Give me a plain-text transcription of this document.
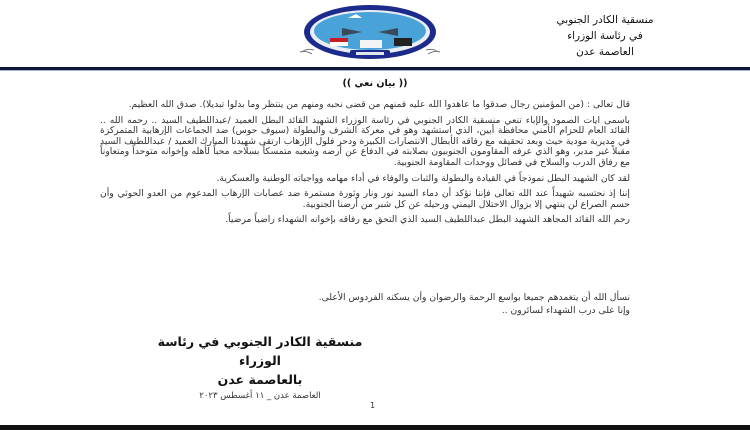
منسقية الكادر الجنوبي
في رئاسة الوزراء
العاصمة عدن
(( بيان نعي ))

قال تعالى : (من المؤمنين رجال صدقوا ما عاهدوا الله عليه فمنهم من قضى نحبه ومنهم من ينتظر وما بدلوا تبديلا). صدق الله العظيم.

باسمى ايات الصمود والإباء تنعي منسقية الكادر الجنوبي في رئاسة الوزراء الشهيد القائد البطل العميد /عبداللطيف السيد .. رحمه الله .. القائد العام للحزام الأمني محافظة أبين، الذي استشهد وهو في معركة الشرف والبطولة (سيوف حوس) ضد الجماعات الإرهابية المتمركزة في مديرية مودية حيث وبعد تحقيقه مع رفاقه الأبطال الانتصارات الكبيرة ودحر فلول الإرهاب ارتقى شهيدنا المبارك العميد / عبداللطيف السيد مقبلاً غير مدبر، وهو الذي عرفه المقاومون الجنوبيون بصلابته في الدفاع عن أرضه وشعبه متمسكاً بسلاحه محباً لأهله وإخوانه متوحداً ومتعاوناً مع رفاق الدرب والسلاح في فصائل ووحدات المقاومة الجنوبية.

لقد كان الشهيد البطل نموذجاً في القيادة والبطولة والثبات والوفاء في أداء مهامه وواجباته الوطنية والعسكرية.

إننا إذ نحتسبه شهيداً عند الله تعالى فإننا نؤكد أن دماء السيد نور ونار وثورة مستمرة ضد عصابات الإرهاب المدعوم من العدو الحوثي وأن حسم الصراع لن ينتهي إلا بزوال الاحتلال اليمني ورحيله عن كل شبر من أرضنا الجنوبية.

رحم الله القائد المجاهد الشهيد البطل عبداللطيف السيد الذي التحق مع رفاقه بإخوانه الشهداء راضياً مرضياً.

نسأل الله أن يتغمدهم جميعا بواسع الرحمة والرضوان وأن يسكنه الفردوس الأعلى.
وإنا على درب الشهداء لسائرون ..
منسقية الكادر الجنوبي في رئاسة الوزراء
بالعاصمة عدن
العاصمة عدن _ ١١ أغسطس ٢٠٢٣
1
